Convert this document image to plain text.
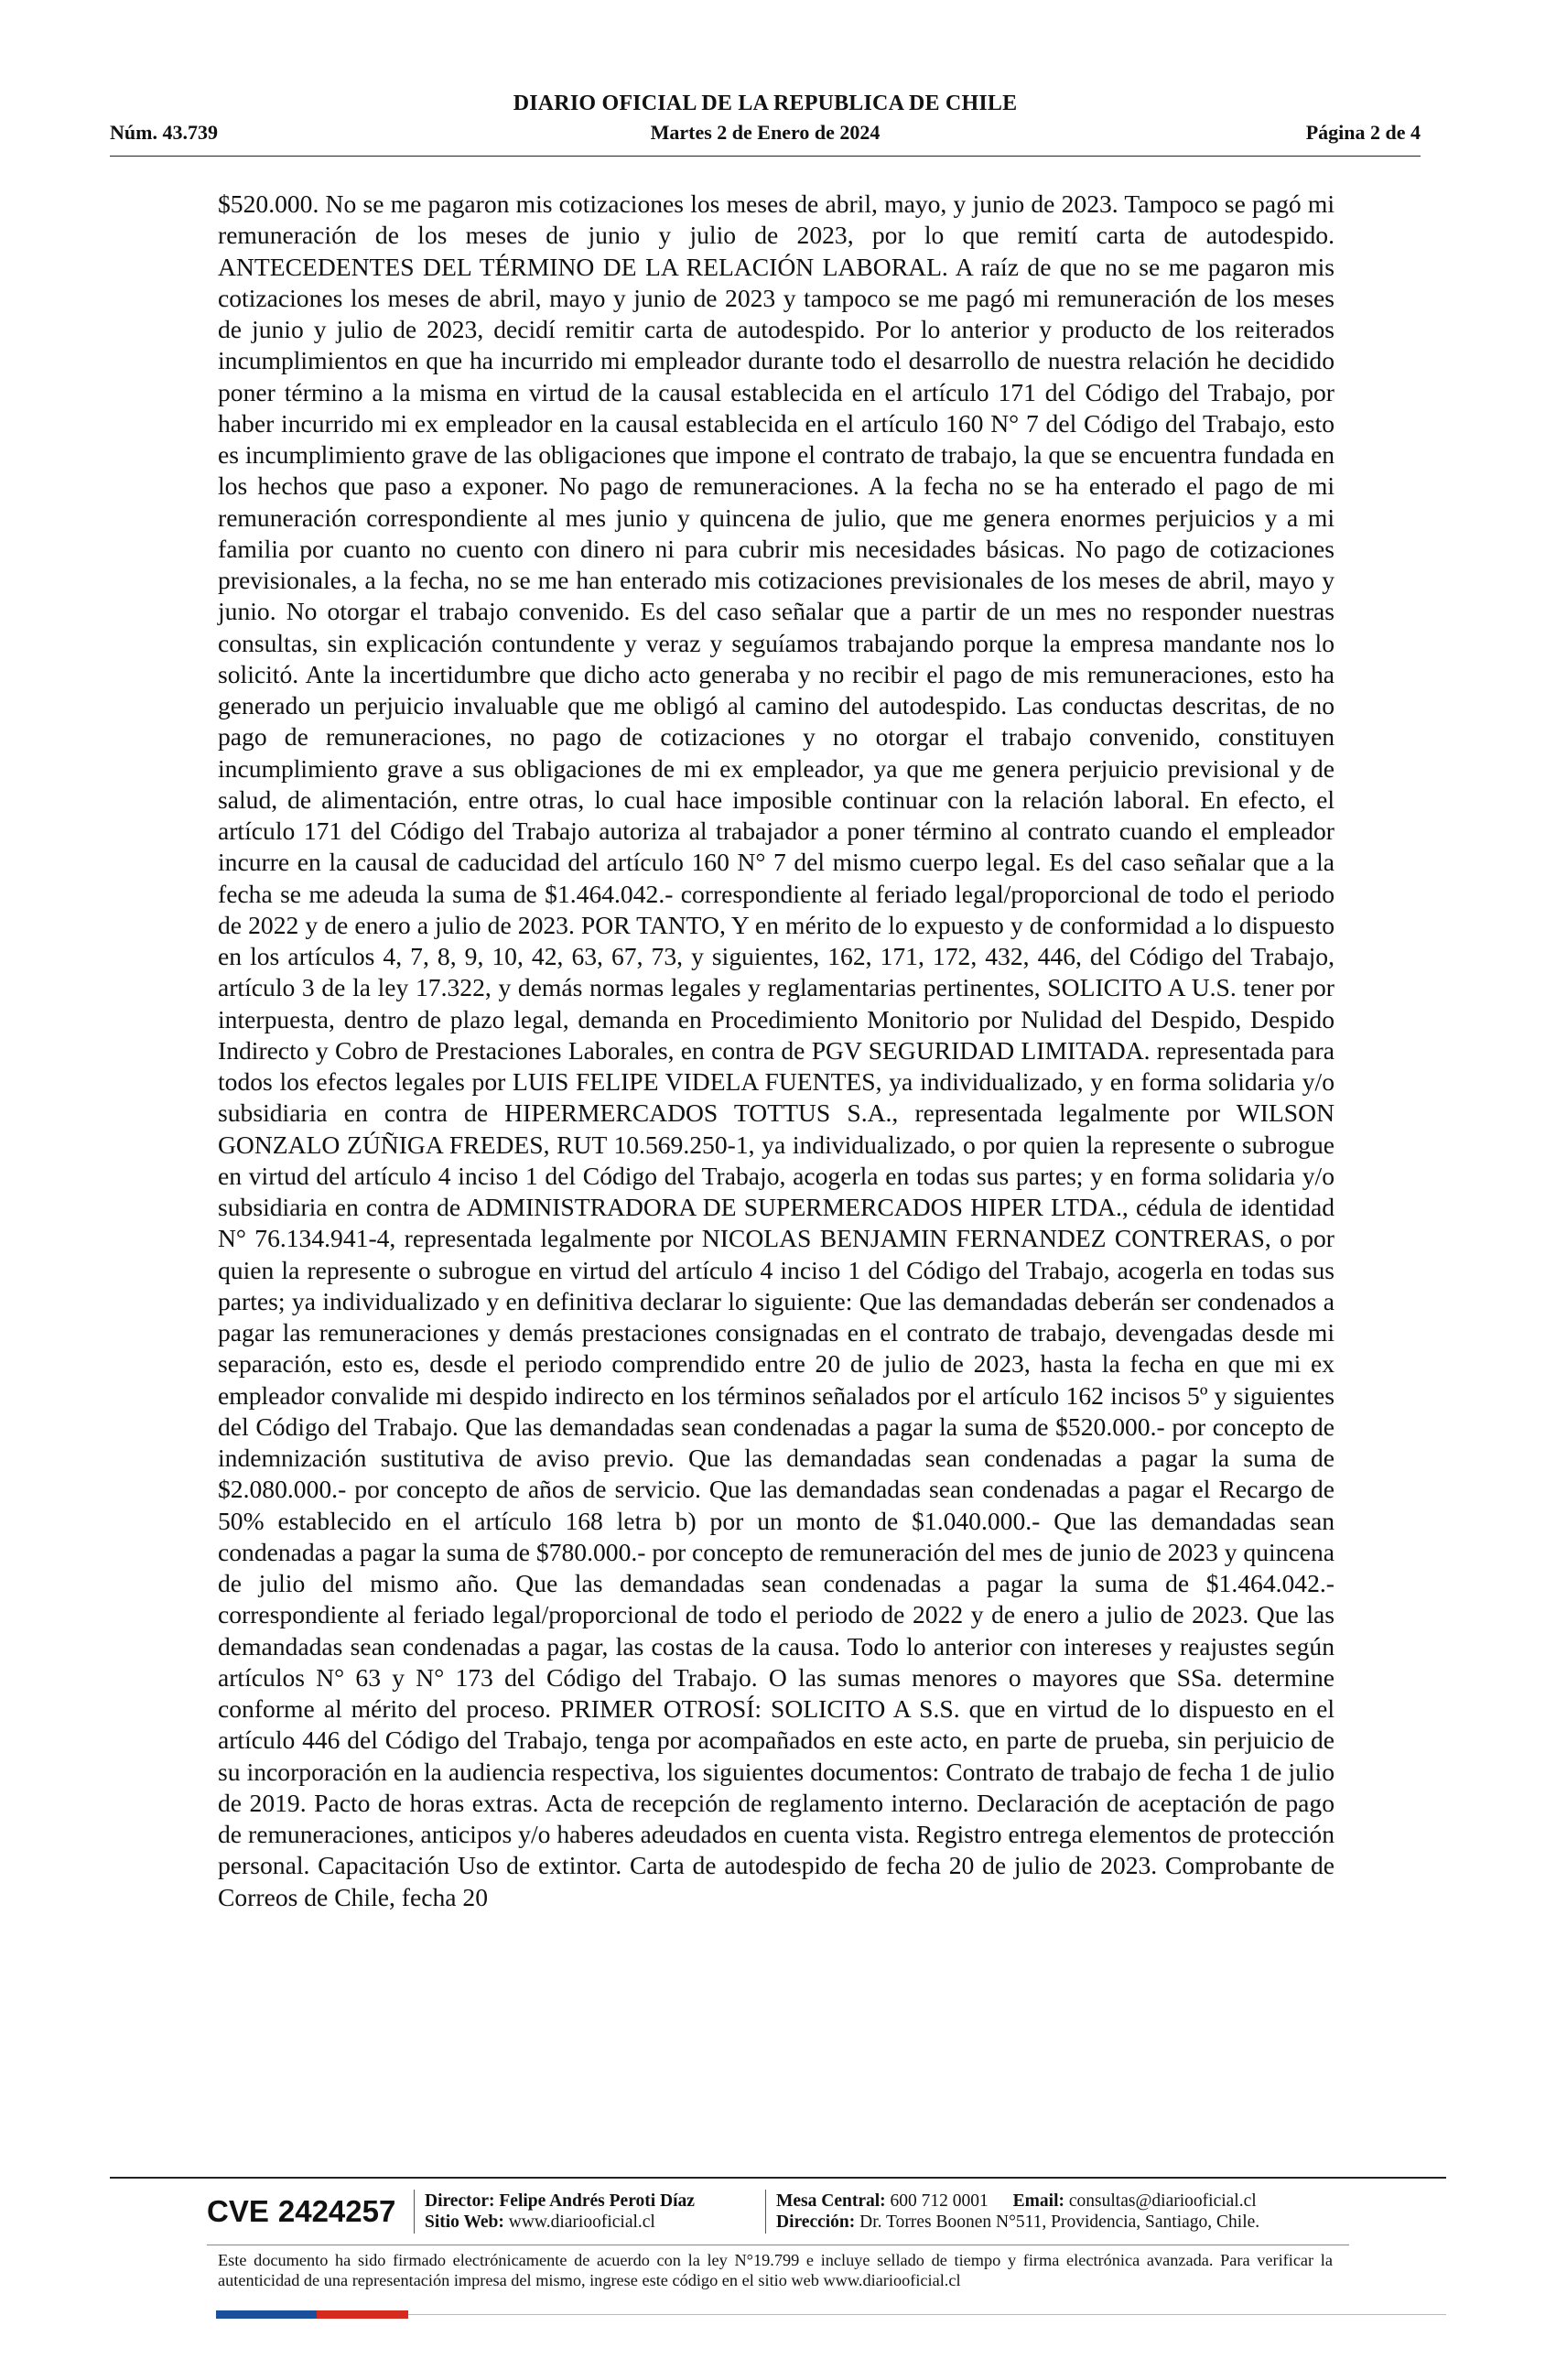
DIARIO OFICIAL DE LA REPUBLICA DE CHILE
Núm. 43.739	Martes 2 de Enero de 2024	Página 2 de 4

$520.000. No se me pagaron mis cotizaciones los meses de abril, mayo, y junio de 2023. Tampoco se pagó mi remuneración de los meses de junio y julio de 2023, por lo que remití carta de autodespido. ANTECEDENTES DEL TÉRMINO DE LA RELACIÓN LABORAL. A raíz de que no se me pagaron mis cotizaciones los meses de abril, mayo y junio de 2023 y tampoco se me pagó mi remuneración de los meses de junio y julio de 2023, decidí remitir carta de autodespido. Por lo anterior y producto de los reiterados incumplimientos en que ha incurrido mi empleador durante todo el desarrollo de nuestra relación he decidido poner término a la misma en virtud de la causal establecida en el artículo 171 del Código del Trabajo, por haber incurrido mi ex empleador en la causal establecida en el artículo 160 N° 7 del Código del Trabajo, esto es incumplimiento grave de las obligaciones que impone el contrato de trabajo, la que se encuentra fundada en los hechos que paso a exponer. No pago de remuneraciones. A la fecha no se ha enterado el pago de mi remuneración correspondiente al mes junio y quincena de julio, que me genera enormes perjuicios y a mi familia por cuanto no cuento con dinero ni para cubrir mis necesidades básicas. No pago de cotizaciones previsionales, a la fecha, no se me han enterado mis cotizaciones previsionales de los meses de abril, mayo y junio. No otorgar el trabajo convenido. Es del caso señalar que a partir de un mes no responder nuestras consultas, sin explicación contundente y veraz y seguíamos trabajando porque la empresa mandante nos lo solicitó. Ante la incertidumbre que dicho acto generaba y no recibir el pago de mis remuneraciones, esto ha generado un perjuicio invaluable que me obligó al camino del autodespido. Las conductas descritas, de no pago de remuneraciones, no pago de cotizaciones y no otorgar el trabajo convenido, constituyen incumplimiento grave a sus obligaciones de mi ex empleador, ya que me genera perjuicio previsional y de salud, de alimentación, entre otras, lo cual hace imposible continuar con la relación laboral. En efecto, el artículo 171 del Código del Trabajo autoriza al trabajador a poner término al contrato cuando el empleador incurre en la causal de caducidad del artículo 160 N° 7 del mismo cuerpo legal. Es del caso señalar que a la fecha se me adeuda la suma de $1.464.042.- correspondiente al feriado legal/proporcional de todo el periodo de 2022 y de enero a julio de 2023. POR TANTO, Y en mérito de lo expuesto y de conformidad a lo dispuesto en los artículos 4, 7, 8, 9, 10, 42, 63, 67, 73, y siguientes, 162, 171, 172, 432, 446, del Código del Trabajo, artículo 3 de la ley 17.322, y demás normas legales y reglamentarias pertinentes, SOLICITO A U.S. tener por interpuesta, dentro de plazo legal, demanda en Procedimiento Monitorio por Nulidad del Despido, Despido Indirecto y Cobro de Prestaciones Laborales, en contra de PGV SEGURIDAD LIMITADA. representada para todos los efectos legales por LUIS FELIPE VIDELA FUENTES, ya individualizado, y en forma solidaria y/o subsidiaria en contra de HIPERMERCADOS TOTTUS S.A., representada legalmente por WILSON GONZALO ZÚÑIGA FREDES, RUT 10.569.250-1, ya individualizado, o por quien la represente o subrogue en virtud del artículo 4 inciso 1 del Código del Trabajo, acogerla en todas sus partes; y en forma solidaria y/o subsidiaria en contra de ADMINISTRADORA DE SUPERMERCADOS HIPER LTDA., cédula de identidad N° 76.134.941-4, representada legalmente por NICOLAS BENJAMIN FERNANDEZ CONTRERAS, o por quien la represente o subrogue en virtud del artículo 4 inciso 1 del Código del Trabajo, acogerla en todas sus partes; ya individualizado y en definitiva declarar lo siguiente: Que las demandadas deberán ser condenados a pagar las remuneraciones y demás prestaciones consignadas en el contrato de trabajo, devengadas desde mi separación, esto es, desde el periodo comprendido entre 20 de julio de 2023, hasta la fecha en que mi ex empleador convalide mi despido indirecto en los términos señalados por el artículo 162 incisos 5º y siguientes del Código del Trabajo. Que las demandadas sean condenadas a pagar la suma de $520.000.- por concepto de indemnización sustitutiva de aviso previo. Que las demandadas sean condenadas a pagar la suma de $2.080.000.- por concepto de años de servicio. Que las demandadas sean condenadas a pagar el Recargo de 50% establecido en el artículo 168 letra b) por un monto de $1.040.000.- Que las demandadas sean condenadas a pagar la suma de $780.000.- por concepto de remuneración del mes de junio de 2023 y quincena de julio del mismo año. Que las demandadas sean condenadas a pagar la suma de $1.464.042.- correspondiente al feriado legal/proporcional de todo el periodo de 2022 y de enero a julio de 2023. Que las demandadas sean condenadas a pagar, las costas de la causa. Todo lo anterior con intereses y reajustes según artículos N° 63 y N° 173 del Código del Trabajo. O las sumas menores o mayores que SSa. determine conforme al mérito del proceso. PRIMER OTROSÍ: SOLICITO A S.S. que en virtud de lo dispuesto en el artículo 446 del Código del Trabajo, tenga por acompañados en este acto, en parte de prueba, sin perjuicio de su incorporación en la audiencia respectiva, los siguientes documentos: Contrato de trabajo de fecha 1 de julio de 2019. Pacto de horas extras. Acta de recepción de reglamento interno. Declaración de aceptación de pago de remuneraciones, anticipos y/o haberes adeudados en cuenta vista. Registro entrega elementos de protección personal. Capacitación Uso de extintor. Carta de autodespido de fecha 20 de julio de 2023. Comprobante de Correos de Chile, fecha 20

CVE 2424257 Director: Felipe Andrés Peroti Díaz
Sitio Web: www.diariooficial.cl
Mesa Central: 600 712 0001 Email: consultas@diariooficial.cl
Dirección: Dr. Torres Boonen N°511, Providencia, Santiago, Chile.
Este documento ha sido firmado electrónicamente de acuerdo con la ley N°19.799 e incluye sellado de tiempo y firma electrónica avanzada. Para verificar la autenticidad de una representación impresa del mismo, ingrese este código en el sitio web www.diariooficial.cl
